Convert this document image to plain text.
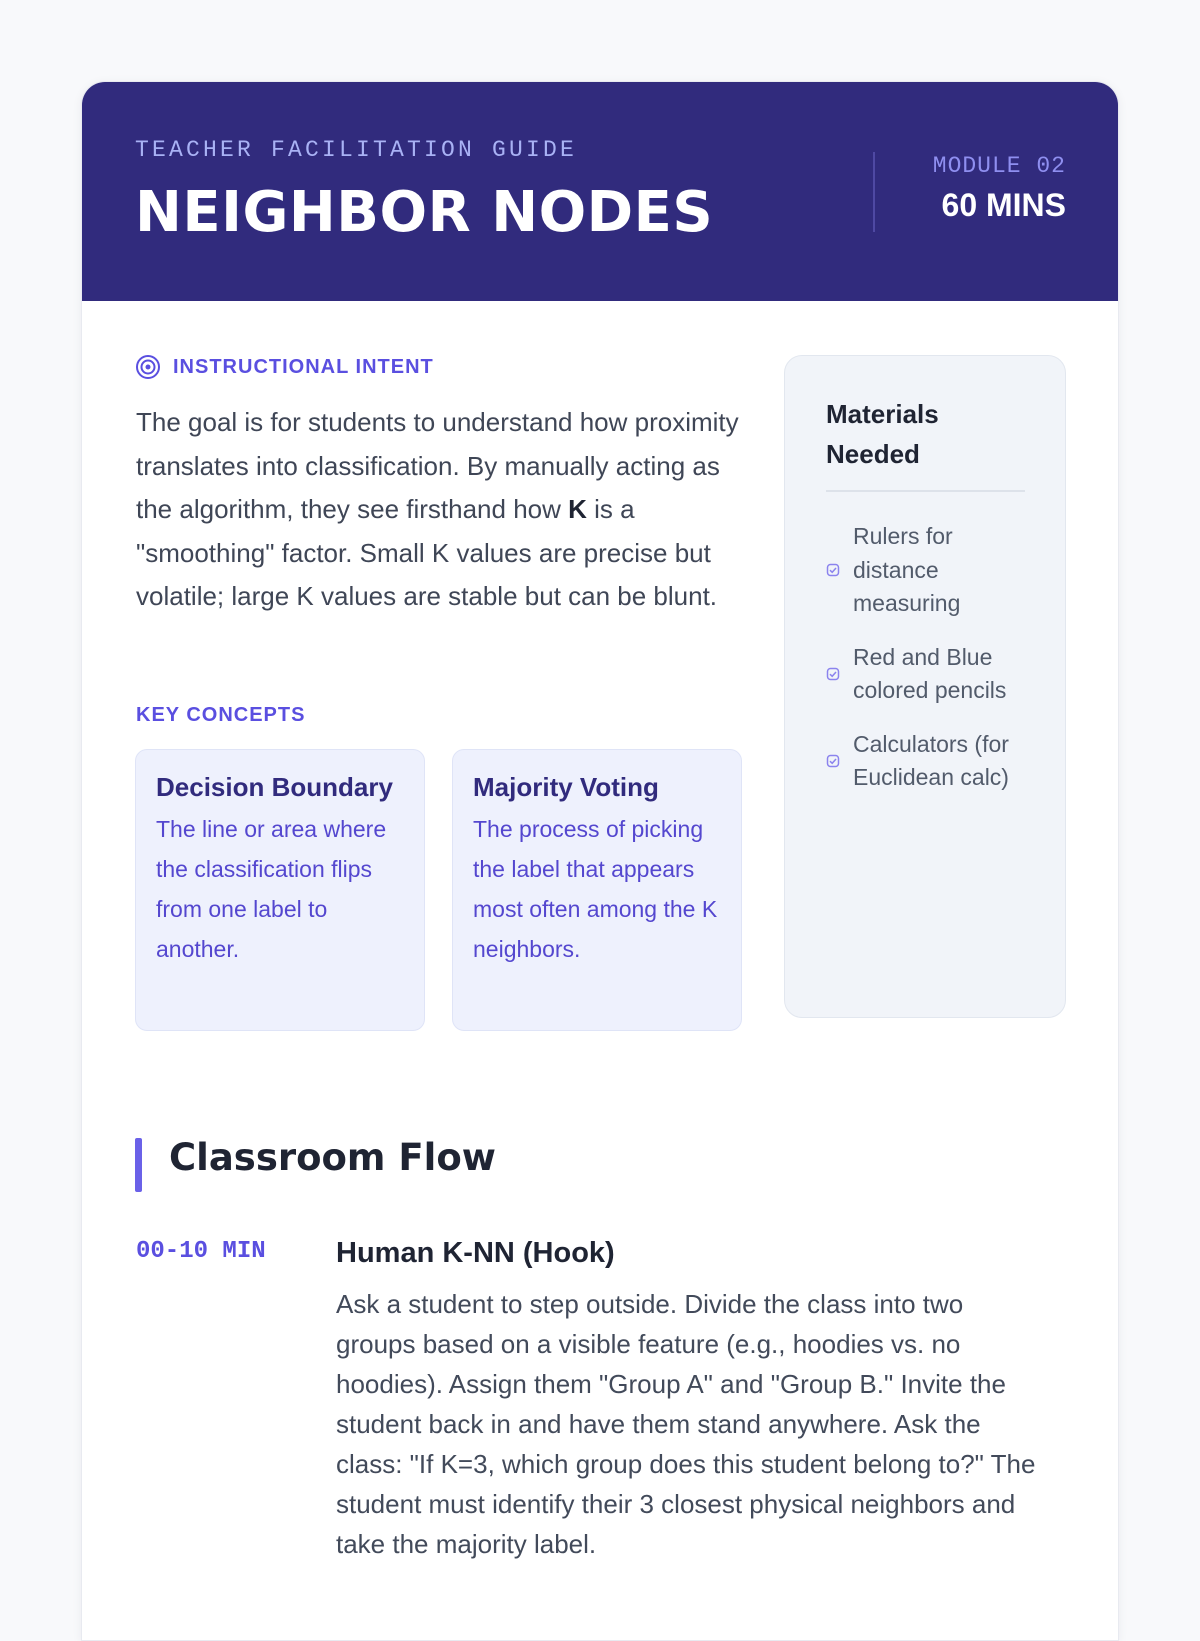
TEACHER FACILITATION GUIDE
NEIGHBOR NODES
MODULE 02
60 MINS
INSTRUCTIONAL INTENT

The goal is for students to understand how proximity translates into classification. By manually acting as the algorithm, they see firsthand how K is a "smoothing" factor. Small K values are precise but volatile; large K values are stable but can be blunt.

KEY CONCEPTS
Decision Boundary
The line or area where the classification flips from one label to another.
Majority Voting
The process of picking the label that appears most often among the K neighbors.
Materials Needed
Rulers for distance measuring
Red and Blue colored pencils
Calculators (for Euclidean calc)
Classroom Flow
00-10 MIN Human K-NN (Hook)

Ask a student to step outside. Divide the class into two groups based on a visible feature (e.g., hoodies vs. no hoodies). Assign them "Group A" and "Group B." Invite the student back in and have them stand anywhere. Ask the class: "If K=3, which group does this student belong to?" The student must identify their 3 closest physical neighbors and take the majority label.
